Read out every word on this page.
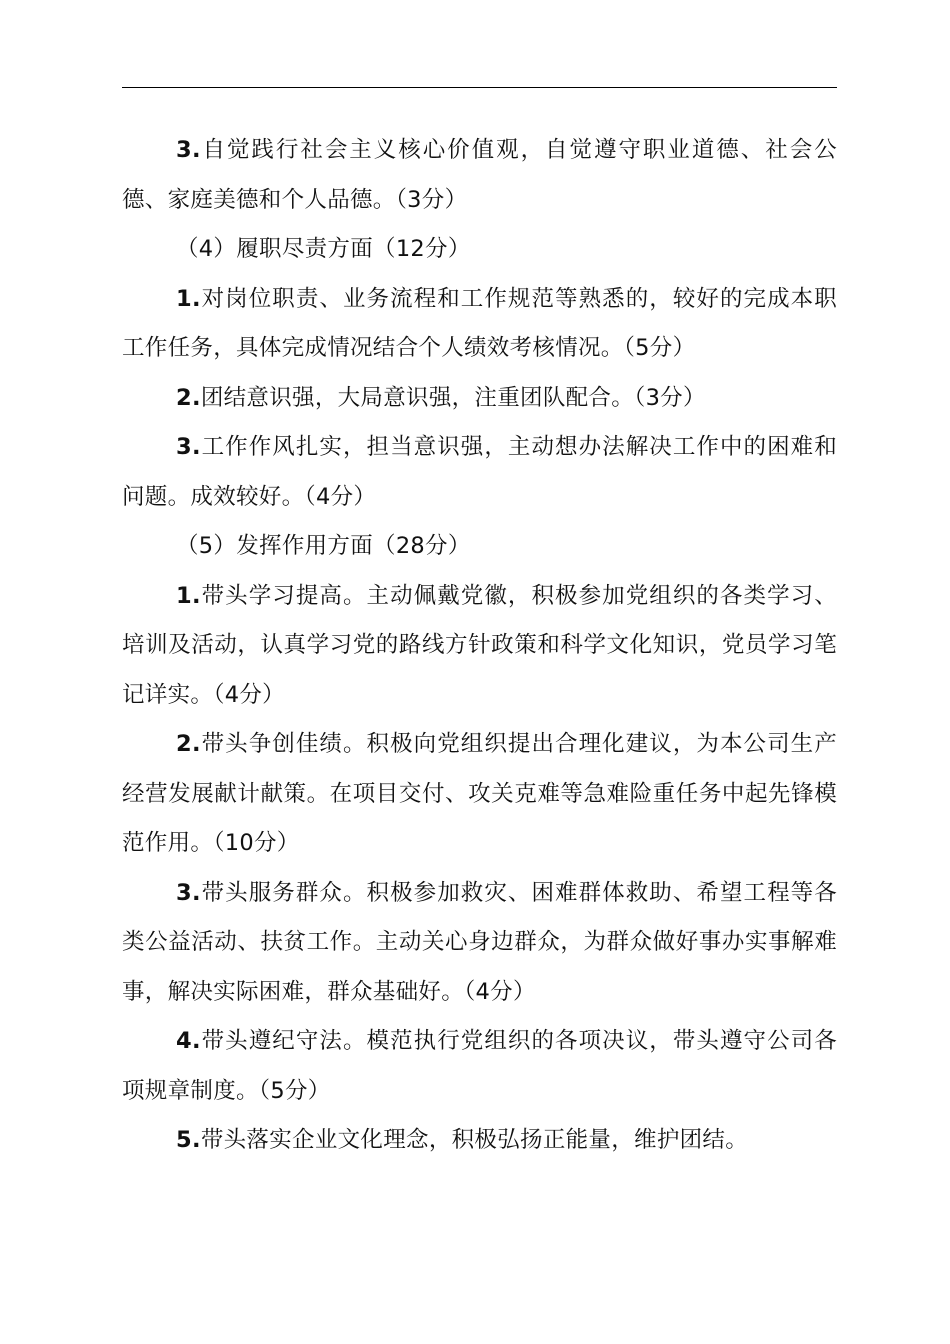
3.自觉践行社会主义核心价值观，自觉遵守职业道德、社会公德、家庭美德和个人品德。（3分）

（4）履职尽责方面（12分）

1.对岗位职责、业务流程和工作规范等熟悉的，较好的完成本职工作任务，具体完成情况结合个人绩效考核情况。（5分）

2.团结意识强，大局意识强，注重团队配合。（3分）

3.工作作风扎实，担当意识强，主动想办法解决工作中的困难和问题。成效较好。（4分）

（5）发挥作用方面（28分）

1.带头学习提高。主动佩戴党徽，积极参加党组织的各类学习、培训及活动，认真学习党的路线方针政策和科学文化知识，党员学习笔记详实。（4分）

2.带头争创佳绩。积极向党组织提出合理化建议，为本公司生产经营发展献计献策。在项目交付、攻关克难等急难险重任务中起先锋模范作用。（10分）

3.带头服务群众。积极参加救灾、困难群体救助、希望工程等各类公益活动、扶贫工作。主动关心身边群众，为群众做好事办实事解难事，解决实际困难，群众基础好。（4分）

4.带头遵纪守法。模范执行党组织的各项决议，带头遵守公司各项规章制度。（5分）

5.带头落实企业文化理念，积极弘扬正能量，维护团结。
